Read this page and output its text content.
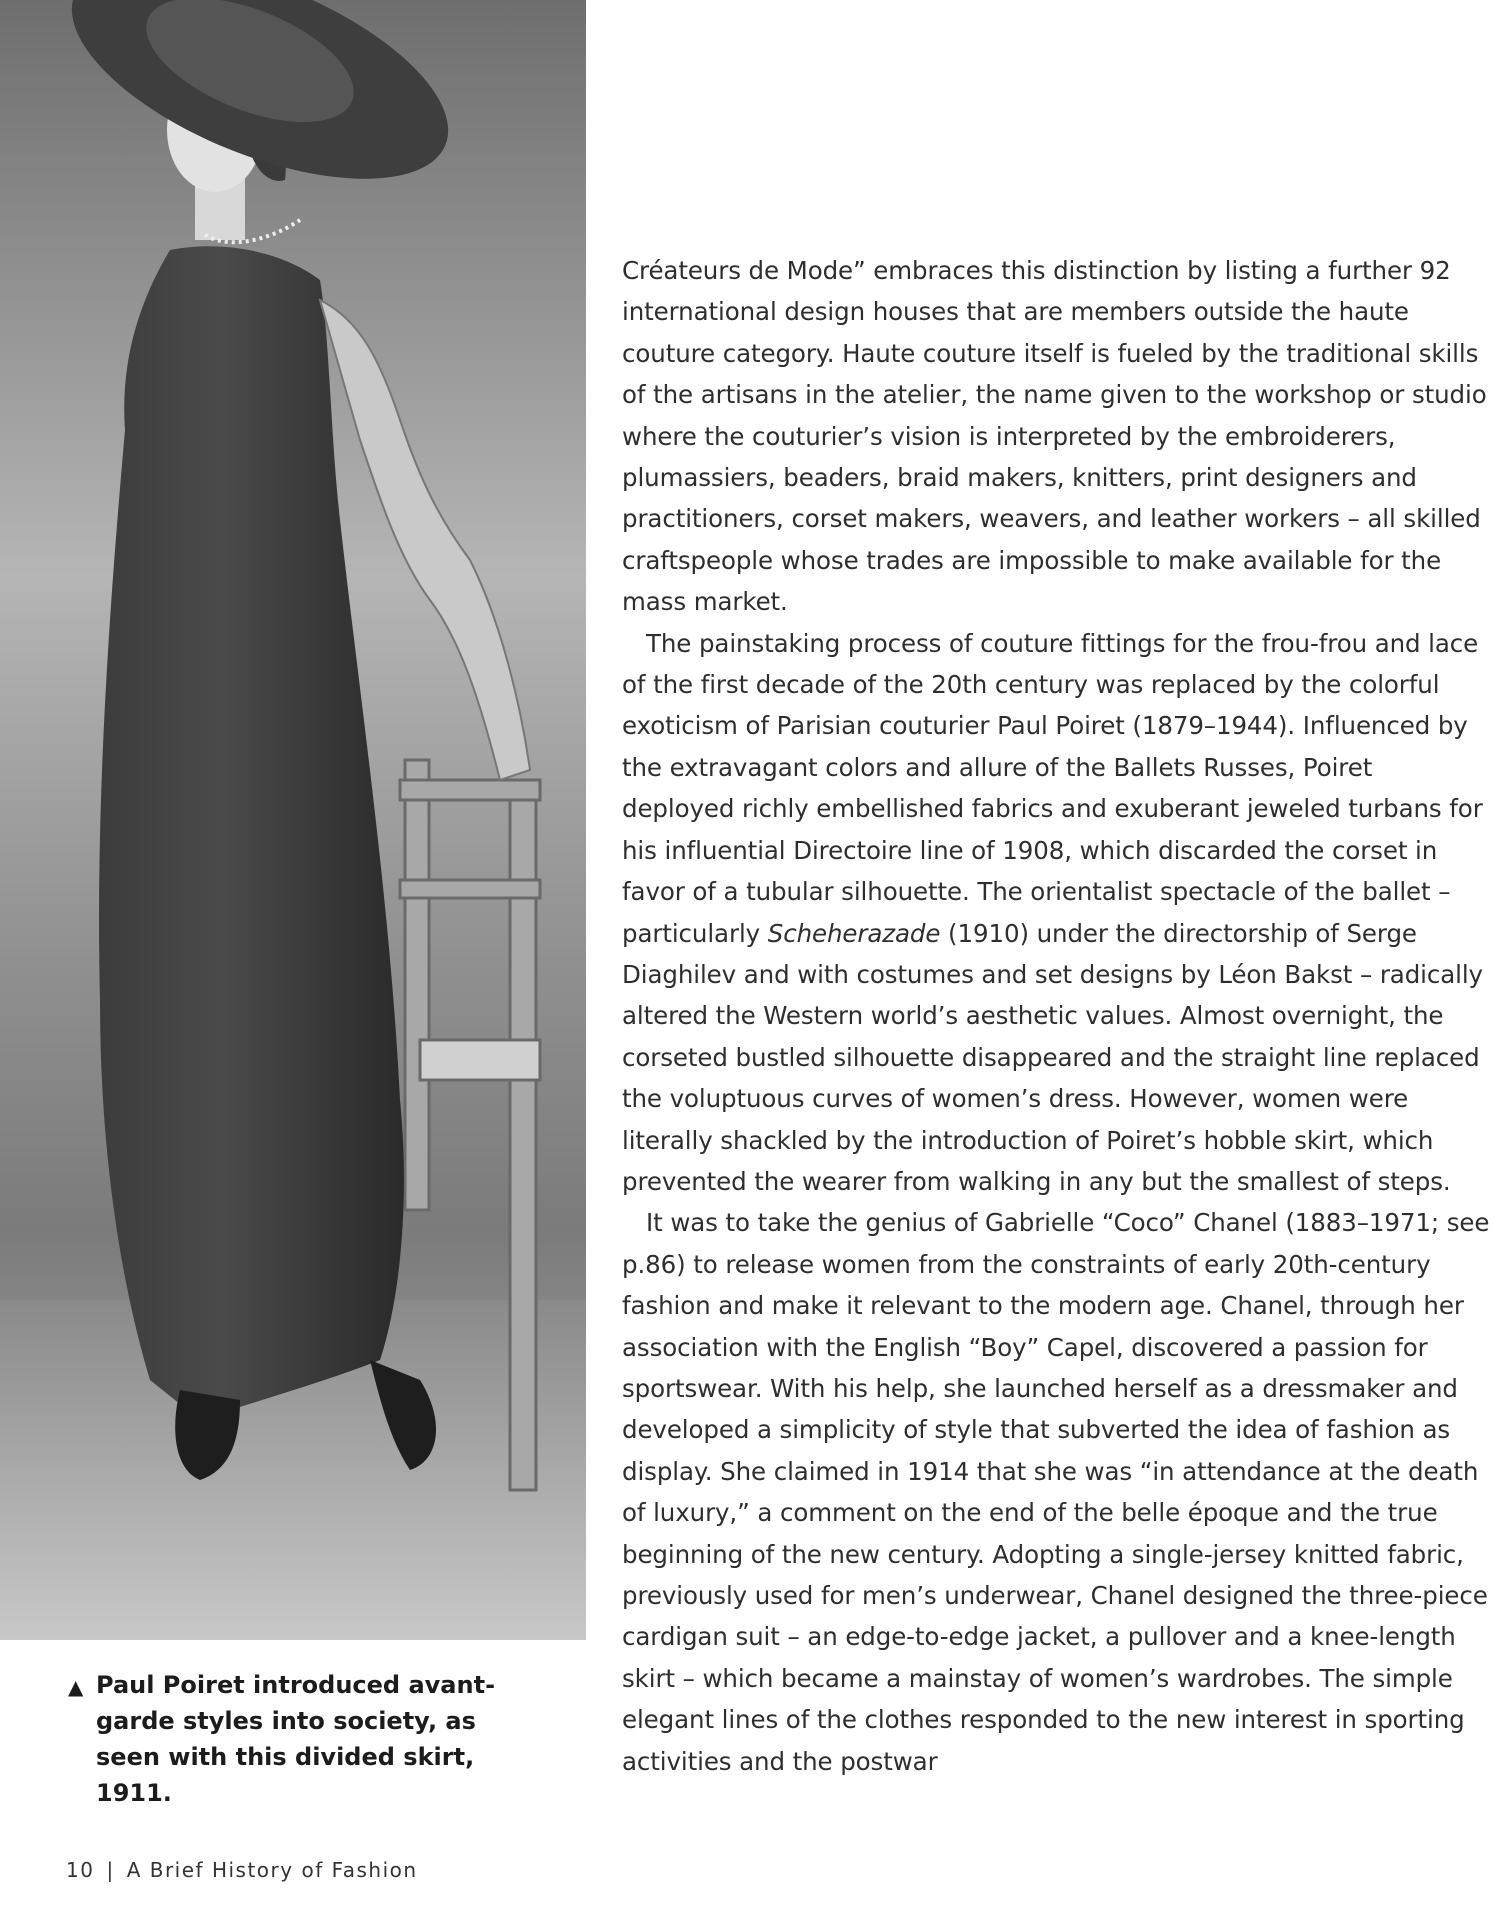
▲ Paul Poiret introduced avant-garde styles into society, as seen with this divided skirt, 1911.

Créateurs de Mode” embraces this distinction by listing a further 92 international design houses that are members outside the haute couture category. Haute couture itself is fueled by the traditional skills of the artisans in the atelier, the name given to the workshop or studio where the couturier’s vision is interpreted by the embroiderers, plumassiers, beaders, braid makers, knitters, print designers and practitioners, corset makers, weavers, and leather workers – all skilled craftspeople whose trades are impossible to make available for the mass market.

The painstaking process of couture fittings for the frou-frou and lace of the first decade of the 20th century was replaced by the colorful exoticism of Parisian couturier Paul Poiret (1879–1944). Influenced by the extravagant colors and allure of the Ballets Russes, Poiret deployed richly embellished fabrics and exuberant jeweled turbans for his influential Directoire line of 1908, which discarded the corset in favor of a tubular silhouette. The orientalist spectacle of the ballet – particularly Scheherazade (1910) under the directorship of Serge Diaghilev and with costumes and set designs by Léon Bakst – radically altered the Western world’s aesthetic values. Almost overnight, the corseted bustled silhouette disappeared and the straight line replaced the voluptuous curves of women’s dress. However, women were literally shackled by the introduction of Poiret’s hobble skirt, which prevented the wearer from walking in any but the smallest of steps.

It was to take the genius of Gabrielle “Coco” Chanel (1883–1971; see p.86) to release women from the constraints of early 20th-century fashion and make it relevant to the modern age. Chanel, through her association with the English “Boy” Capel, discovered a passion for sportswear. With his help, she launched herself as a dressmaker and developed a simplicity of style that subverted the idea of fashion as display. She claimed in 1914 that she was “in attendance at the death of luxury,” a comment on the end of the belle époque and the true beginning of the new century. Adopting a single-jersey knitted fabric, previously used for men’s underwear, Chanel designed the three-piece cardigan suit – an edge-to-edge jacket, a pullover and a knee-length skirt – which became a mainstay of women’s wardrobes. The simple elegant lines of the clothes responded to the new interest in sporting activities and the postwar

10 | A Brief History of Fashion
